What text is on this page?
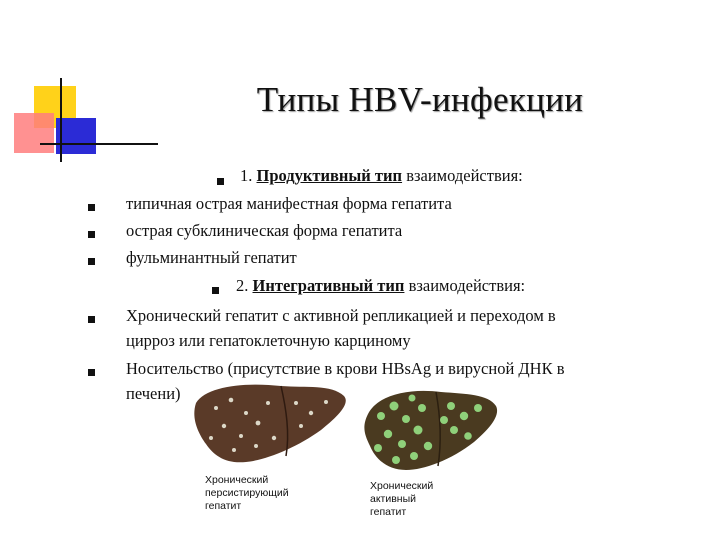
Типы HBV-инфекции
1. Продуктивный тип взаимодействия:
типичная острая манифестная форма гепатита
острая субклиническая форма гепатита
фульминантный гепатит
2. Интегративный тип взаимодействия:
Хронический гепатит с активной репликацией и переходом в
цирроз или гепатоклеточную карциному
Носительство (присутствие в крови HBsAg и вирусной ДНК в
печени)
Хронический
персистирующий
гепатит
Хронический
активный
гепатит
